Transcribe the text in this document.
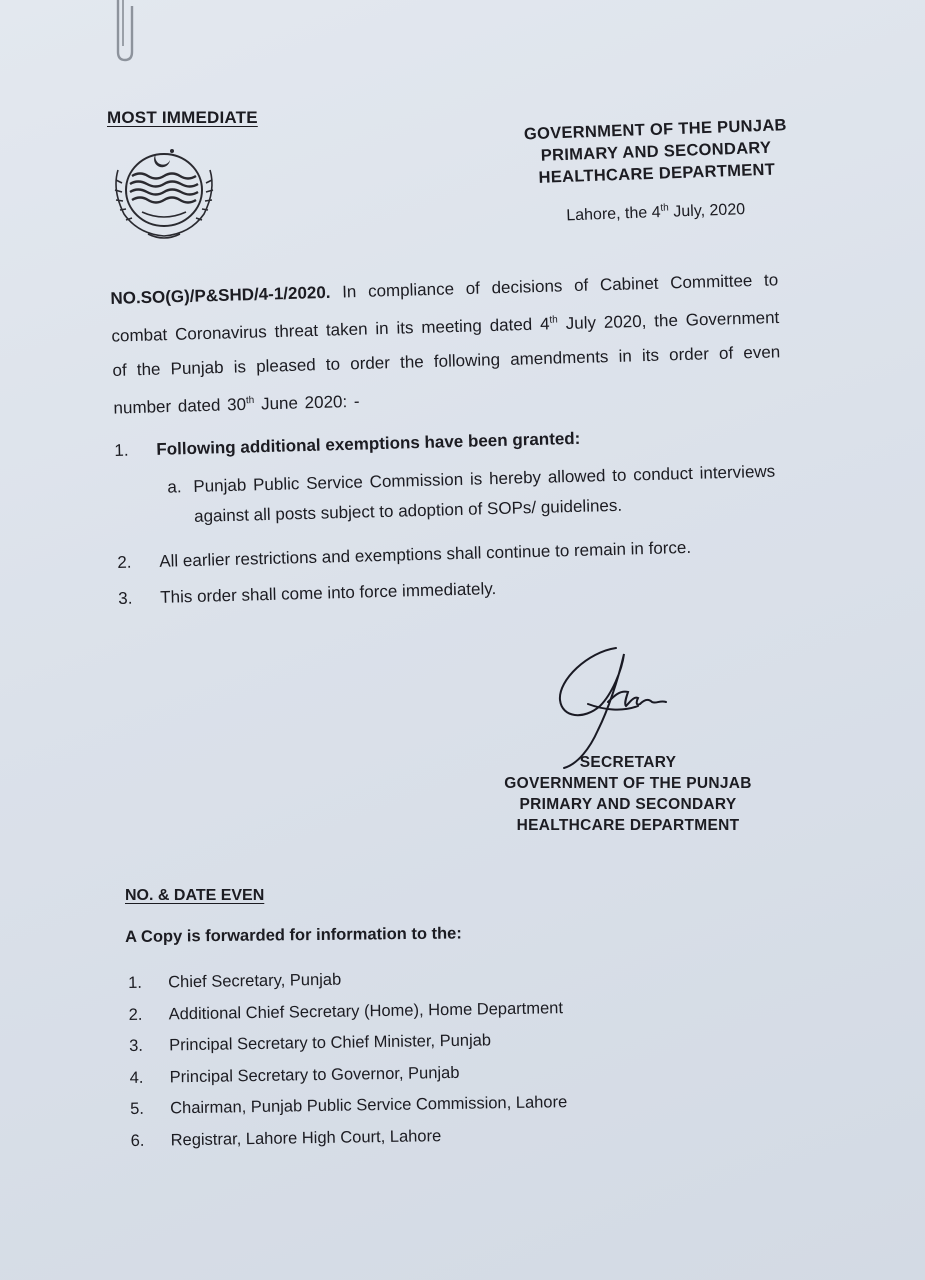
MOST IMMEDIATE	GOVERNMENT OF THE PUNJAB
PRIMARY AND SECONDARY
HEALTHCARE DEPARTMENT
Lahore, the 4th July, 2020
NO.SO(G)/P&SHD/4-1/2020. In compliance of decisions of Cabinet Committee to combat Coronavirus threat taken in its meeting dated 4th July 2020, the Government of the Punjab is pleased to order the following amendments in its order of even number dated 30th June 2020: -
1.	Following additional exemptions have been granted:
a. Punjab Public Service Commission is hereby allowed to conduct interviews against all posts subject to adoption of SOPs/ guidelines.
2.	All earlier restrictions and exemptions shall continue to remain in force.
3.	This order shall come into force immediately.
SECRETARY
GOVERNMENT OF THE PUNJAB
PRIMARY AND SECONDARY
HEALTHCARE DEPARTMENT
NO. & DATE EVEN
A Copy is forwarded for information to the:
1.	Chief Secretary, Punjab
2.	Additional Chief Secretary (Home), Home Department
3.	Principal Secretary to Chief Minister, Punjab
4.	Principal Secretary to Governor, Punjab
5.	Chairman, Punjab Public Service Commission, Lahore
6.	Registrar, Lahore High Court, Lahore
